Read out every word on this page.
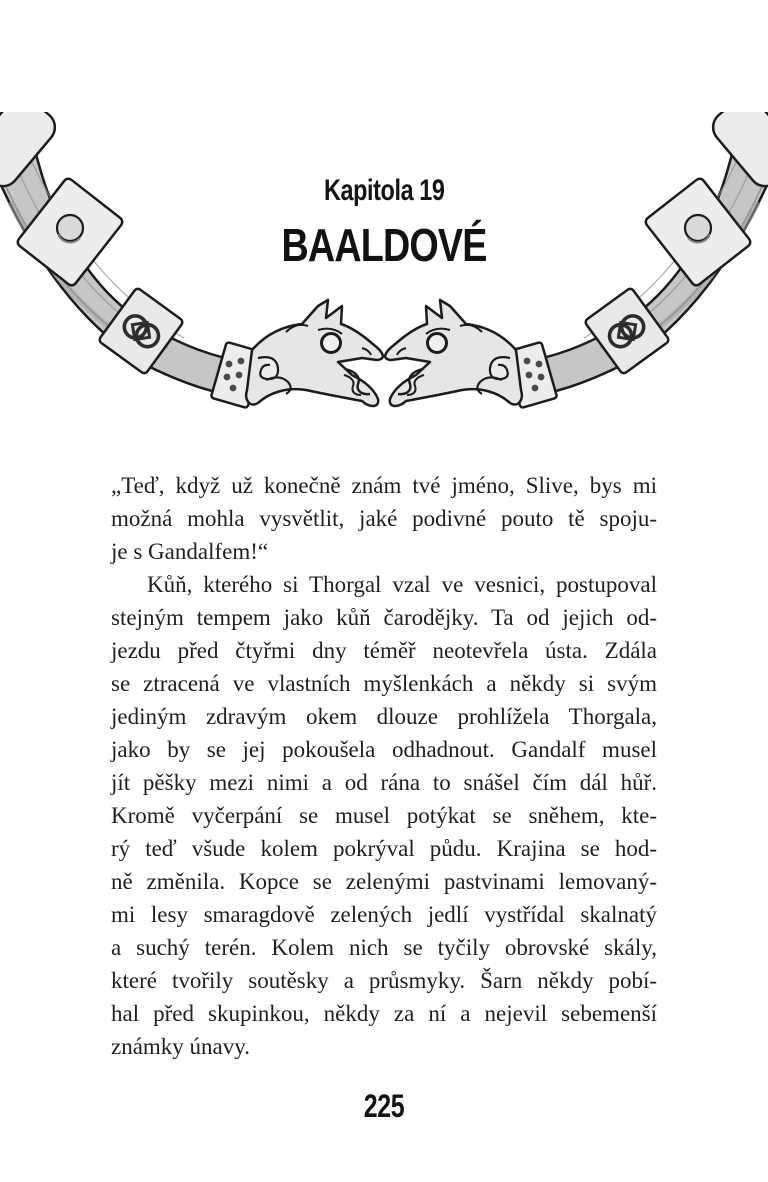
Kapitola 19
BAALDOVÉ
„Teď, když už konečně znám tvé jméno, Slive, bys mi
možná mohla vysvětlit, jaké podivné pouto tě spoju-
je s Gandalfem!“
Kůň, kterého si Thorgal vzal ve vesnici, postupoval
stejným tempem jako kůň čarodějky. Ta od jejich od-
jezdu před čtyřmi dny téměř neotevřela ústa. Zdála
se ztracená ve vlastních myšlenkách a někdy si svým
jediným zdravým okem dlouze prohlížela Thorgala,
jako by se jej pokoušela odhadnout. Gandalf musel
jít pěšky mezi nimi a od rána to snášel čím dál hůř.
Kromě vyčerpání se musel potýkat se sněhem, kte-
rý teď všude kolem pokrýval půdu. Krajina se hod-
ně změnila. Kopce se zelenými pastvinami lemovaný-
mi lesy smaragdově zelených jedlí vystřídal skalnatý
a suchý terén. Kolem nich se tyčily obrovské skály,
které tvořily soutěsky a průsmyky. Šarn někdy pobí-
hal před skupinkou, někdy za ní a nejevil sebemenší
známky únavy.
225
